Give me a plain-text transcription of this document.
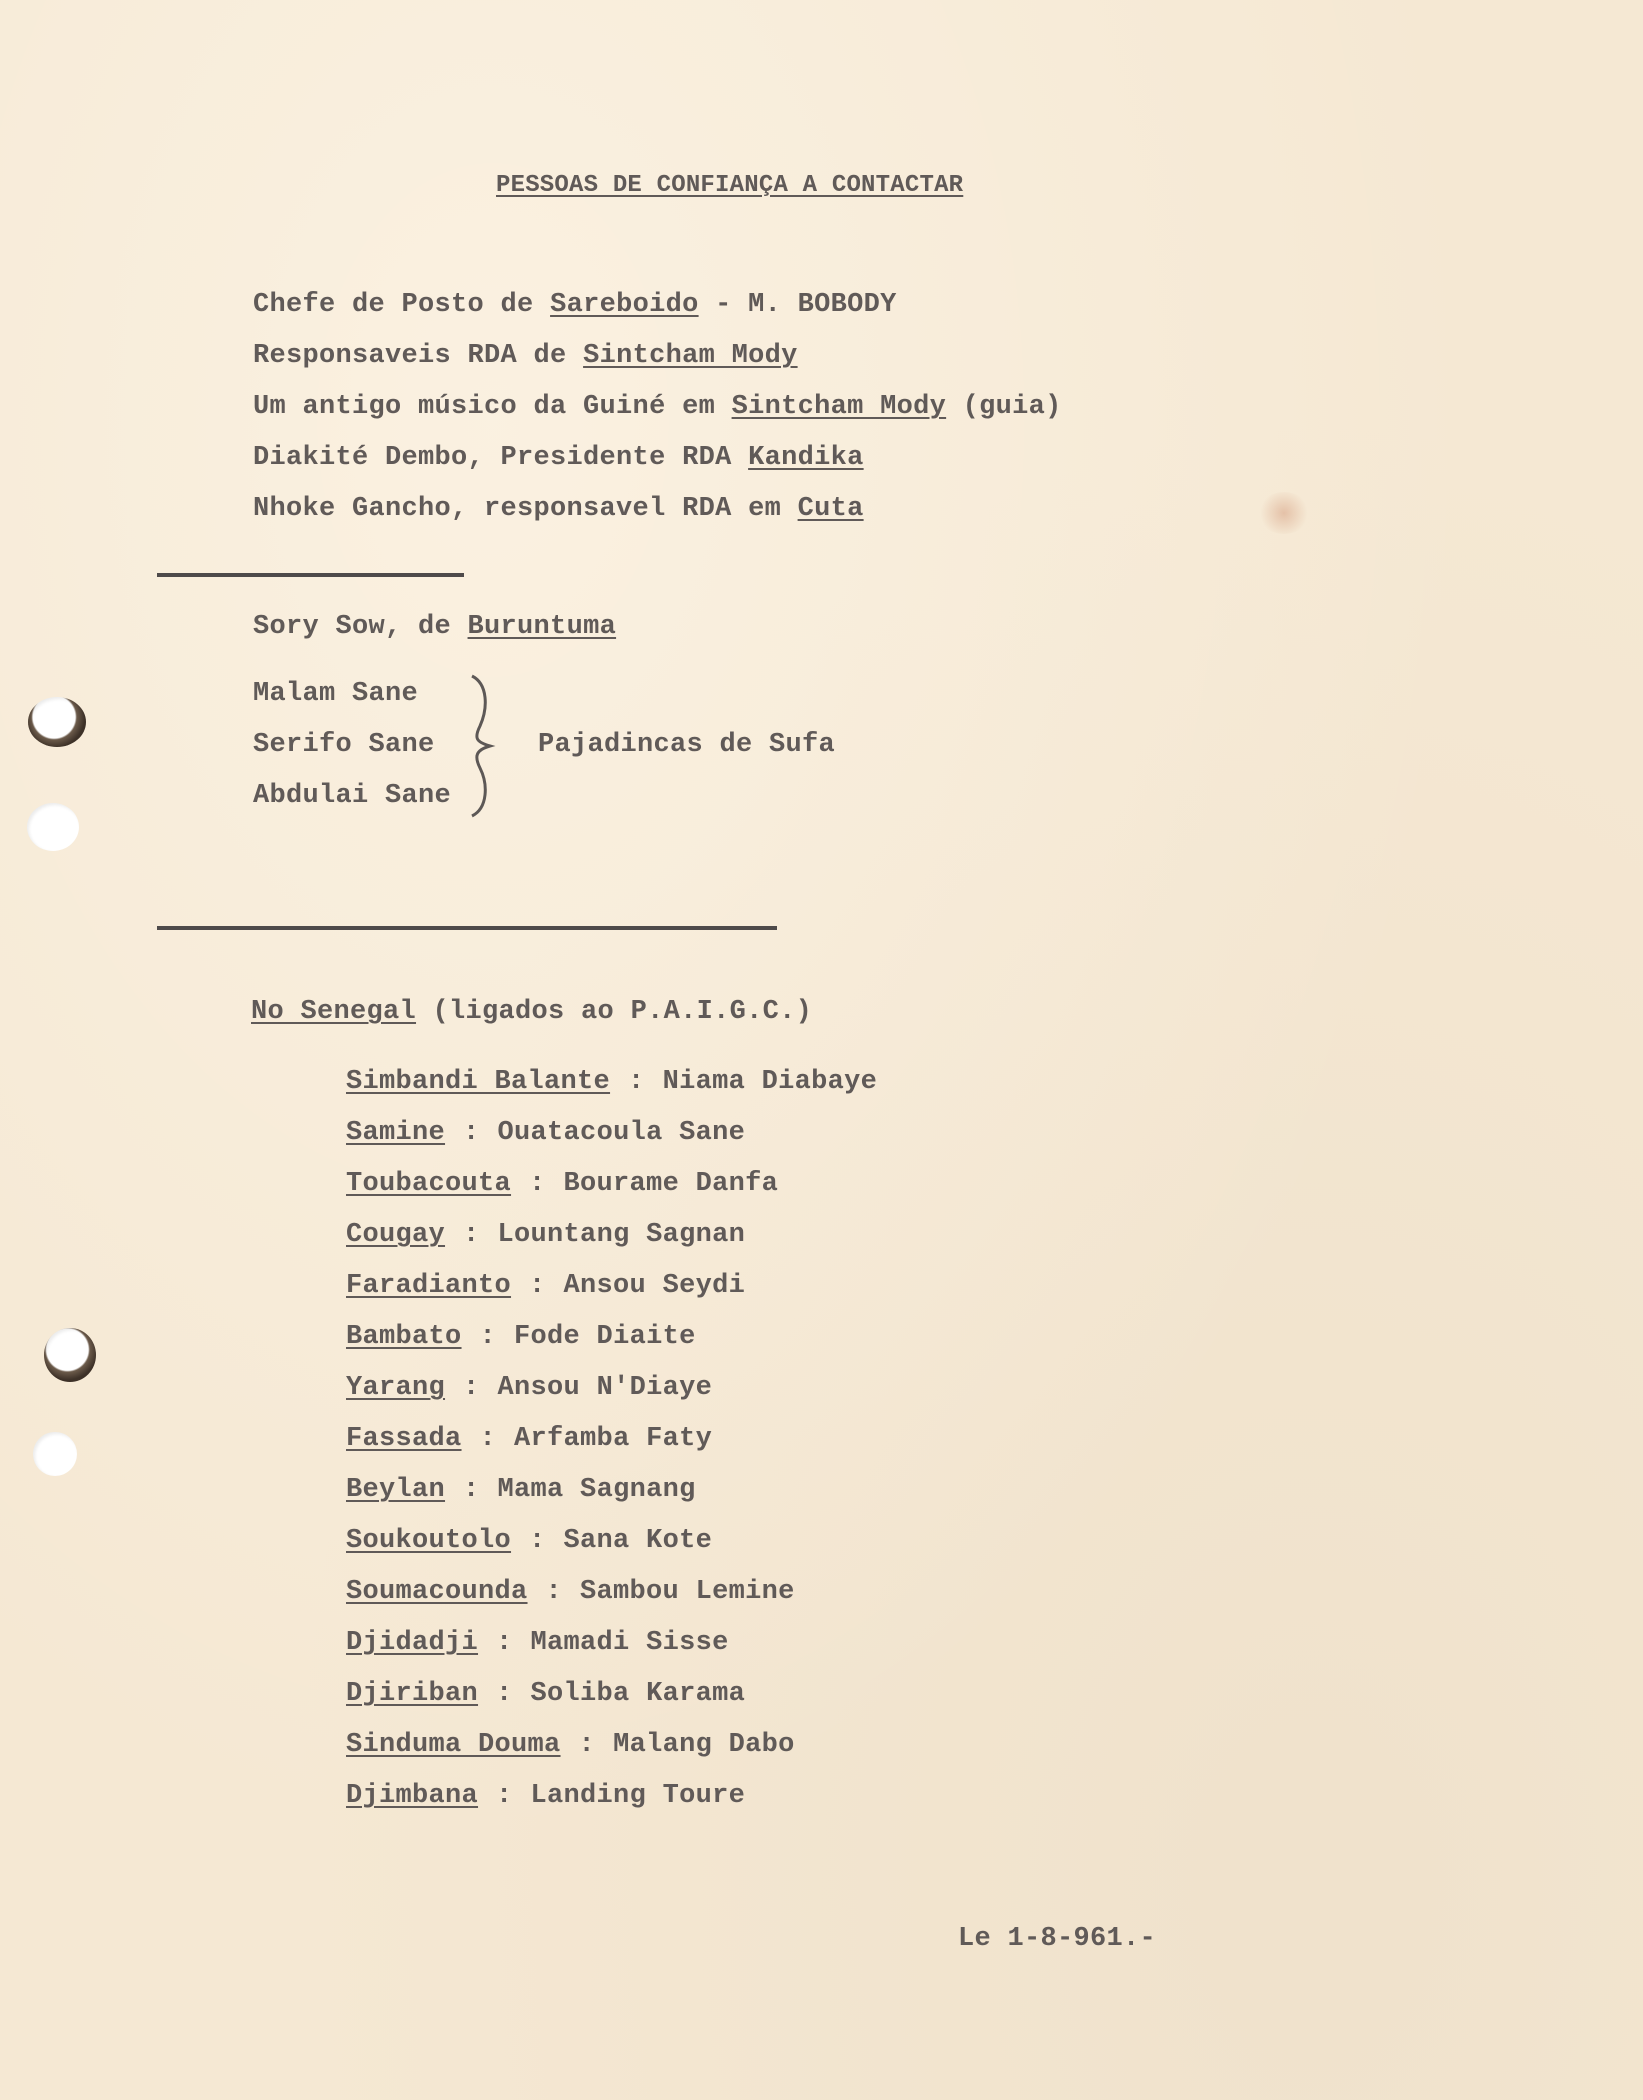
PESSOAS DE CONFIANÇA A CONTACTAR
Chefe de Posto de Sareboido - M. BOBODY
Responsaveis RDA de Sintcham Mody
Um antigo músico da Guiné em Sintcham Mody (guia)
Diakité Dembo, Presidente RDA Kandika
Nhoke Gancho, responsavel RDA em Cuta
Sory Sow, de Buruntuma
Malam Sane
Serifo Sane
Abdulai Sane
Pajadincas de Sufa
No Senegal (ligados ao P.A.I.G.C.)
Simbandi Balante : Niama Diabaye
Samine : Ouatacoula Sane
Toubacouta : Bourame Danfa
Cougay : Lountang Sagnan
Faradianto : Ansou Seydi
Bambato : Fode Diaite
Yarang : Ansou N'Diaye
Fassada : Arfamba Faty
Beylan : Mama Sagnang
Soukoutolo : Sana Kote
Soumacounda : Sambou Lemine
Djidadji : Mamadi Sisse
Djiriban : Soliba Karama
Sinduma Douma : Malang Dabo
Djimbana : Landing Toure
Le 1-8-961.-
